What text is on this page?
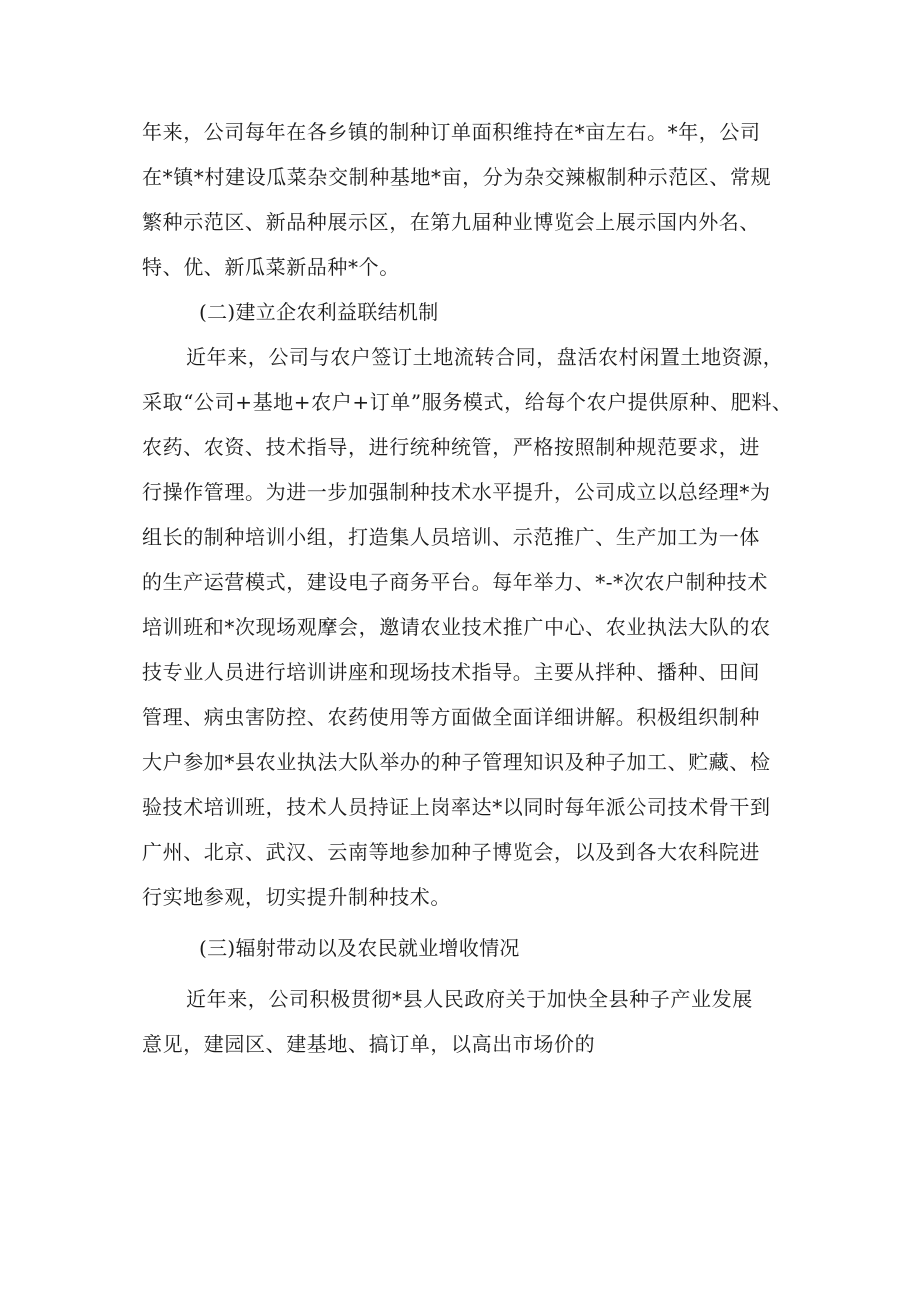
年来，公司每年在各乡镇的制种订单面积维持在*亩左右。*年，公司
在*镇*村建设瓜菜杂交制种基地*亩，分为杂交辣椒制种示范区、常规
繁种示范区、新品种展示区，在第九届种业博览会上展示国内外名、
特、优、新瓜菜新品种*个。
(二)建立企农利益联结机制
近年来，公司与农户签订土地流转合同，盘活农村闲置土地资源，
采取“公司+基地+农户+订单”服务模式，给每个农户提供原种、肥料、
农药、农资、技术指导，进行统种统管，严格按照制种规范要求，进
行操作管理。为进一步加强制种技术水平提升，公司成立以总经理*为
组长的制种培训小组，打造集人员培训、示范推广、生产加工为一体
的生产运营模式，建设电子商务平台。每年举力、*-*次农户制种技术
培训班和*次现场观摩会，邀请农业技术推广中心、农业执法大队的农
技专业人员进行培训讲座和现场技术指导。主要从拌种、播种、田间
管理、病虫害防控、农药使用等方面做全面详细讲解。积极组织制种
大户参加*县农业执法大队举办的种子管理知识及种子加工、贮藏、检
验技术培训班，技术人员持证上岗率达*以同时每年派公司技术骨干到
广州、北京、武汉、云南等地参加种子博览会，以及到各大农科院进
行实地参观，切实提升制种技术。
(三)辐射带动以及农民就业增收情况
近年来，公司积极贯彻*县人民政府关于加快全县种子产业发展
意见，建园区、建基地、搞订单，以高出市场价的
